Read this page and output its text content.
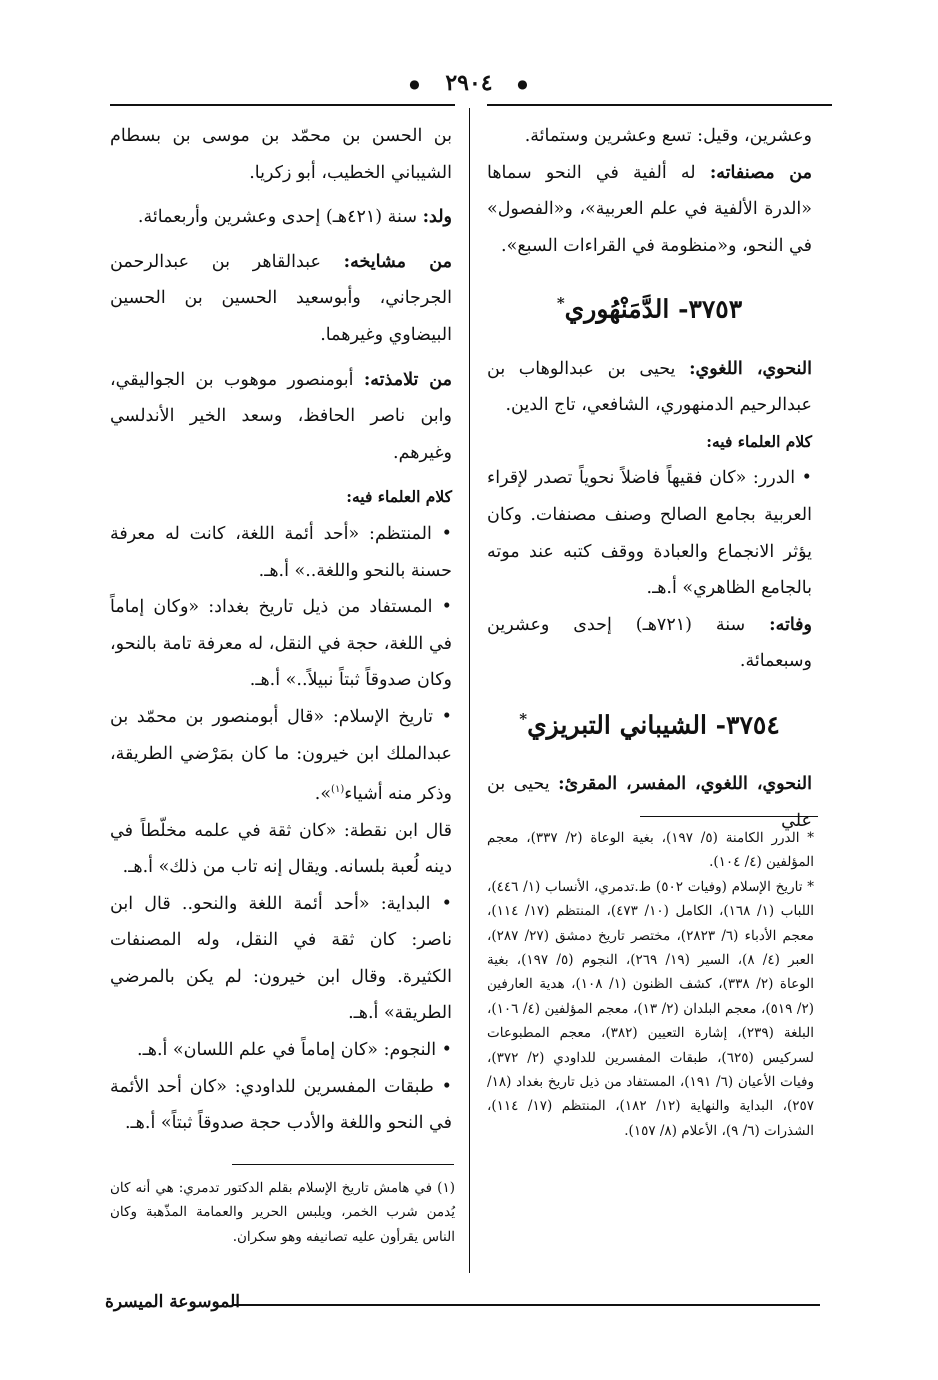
● ٢٩٠٤ ●

وعشرين، وقيل: تسع وعشرين وستمائة.

من مصنفاته: له ألفية في النحو سماها «الدرة الألفية في علم العربية»، و«الفصول» في النحو، و«منظومة في القراءات السبع».

٣٧٥٣- الدَّمَنْهُوري*

النحوي، اللغوي: يحيى بن عبدالوهاب بن عبدالرحيم الدمنهوري، الشافعي، تاج الدين.

كلام العلماء فيه:

• الدرر: «كان فقيهاً فاضلاً نحوياً تصدر لإقراء العربية بجامع الصالح وصنف مصنفات. وكان يؤثر الانجماع والعبادة ووقف كتبه عند موته بالجامع الظاهري» أ.هـ.

وفاته: سنة (٧٢١هـ) إحدى وعشرين وسبعمائة.

٣٧٥٤- الشيباني التبريزي*

النحوي، اللغوي، المفسر، المقرئ: يحيى بن علي

* الدرر الكامنة (٥/ ١٩٧)، بغية الوعاة (٢/ ٣٣٧)، معجم المؤلفين (٤/ ١٠٤).

* تاريخ الإسلام (وفيات ٥٠٢) ط.تدمري، الأنساب (١/ ٤٤٦)، اللباب (١/ ١٦٨)، الكامل (١٠/ ٤٧٣)، المنتظم (١٧/ ١١٤)، معجم الأدباء (٦/ ٢٨٢٣)، مختصر تاريخ دمشق (٢٧/ ٢٨٧)، العبر (٤/ ٨)، السير (١٩/ ٢٦٩)، النجوم (٥/ ١٩٧)، بغية الوعاة (٢/ ٣٣٨)، كشف الظنون (١/ ١٠٨)، هدية العارفين (٢/ ٥١٩)، معجم البلدان (٢/ ١٣)، معجم المؤلفين (٤/ ١٠٦)، البلغة (٢٣٩)، إشارة التعيين (٣٨٢)، معجم المطبوعات لسركيس (٦٢٥)، طبقات المفسرين للداودي (٢/ ٣٧٢)، وفيات الأعيان (٦/ ١٩١)، المستفاد من ذيل تاريخ بغداد (١٨/ ٢٥٧)، البداية والنهاية (١٢/ ١٨٢)، المنتظم (١٧/ ١١٤)، الشذرات (٦/ ٩)، الأعلام (٨/ ١٥٧).

بن الحسن بن محمّد بن موسى بن بسطام الشيباني الخطيب، أبو زكريا.

ولد: سنة (٤٢١هـ) إحدى وعشرين وأربعمائة.

من مشايخه: عبدالقاهر بن عبدالرحمن الجرجاني، وأبوسعيد الحسين بن الحسين البيضاوي وغيرهما.

من تلامذته: أبومنصور موهوب بن الجواليقي، وابن ناصر الحافظ، وسعد الخير الأندلسي وغيرهم.

كلام العلماء فيه:

• المنتظم: «أحد أئمة اللغة، كانت له معرفة حسنة بالنحو واللغة..» أ.هـ.

• المستفاد من ذيل تاريخ بغداد: «وكان إماماً في اللغة، حجة في النقل، له معرفة تامة بالنحو، وكان صدوقاً ثبتاً نبيلاً..» أ.هـ.

• تاريخ الإسلام: «قال أبومنصور بن محمّد بن عبدالملك ابن خيرون: ما كان بمَرْضي الطريقة، وذكر منه أشياء$^{(١)}$».

قال ابن نقطة: «كان ثقة في علمه مخلّطاً في دينه لُعبة بلسانه. ويقال إنه تاب من ذلك» أ.هـ.

• البداية: «أحد أئمة اللغة والنحو.. قال ابن ناصر: كان ثقة في النقل، وله المصنفات الكثيرة. وقال ابن خيرون: لم يكن بالمرضي الطريقة» أ.هـ.

• النجوم: «كان إماماً في علم اللسان» أ.هـ.

• طبقات المفسرين للداودي: «كان أحد الأئمة في النحو واللغة والأدب حجة صدوقاً ثبتاً» أ.هـ.

(١) في هامش تاريخ الإسلام بقلم الدكتور تدمري: هي أنه كان يُدمن شرب الخمر، ويلبس الحرير والعمامة المذّهبة وكان الناس يقرأون عليه تصانيفه وهو سكران.

الموسوعة الميسرة
